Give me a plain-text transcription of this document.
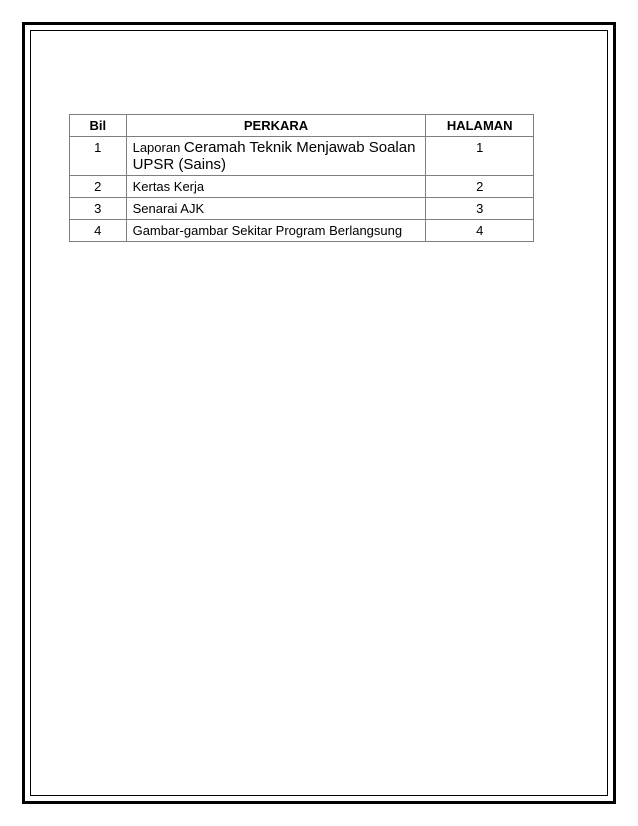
Bil	PERKARA	HALAMAN
1	Laporan Ceramah Teknik Menjawab Soalan UPSR (Sains)	1
2	Kertas Kerja	2
3	Senarai AJK	3
4	Gambar-gambar Sekitar Program Berlangsung	4
